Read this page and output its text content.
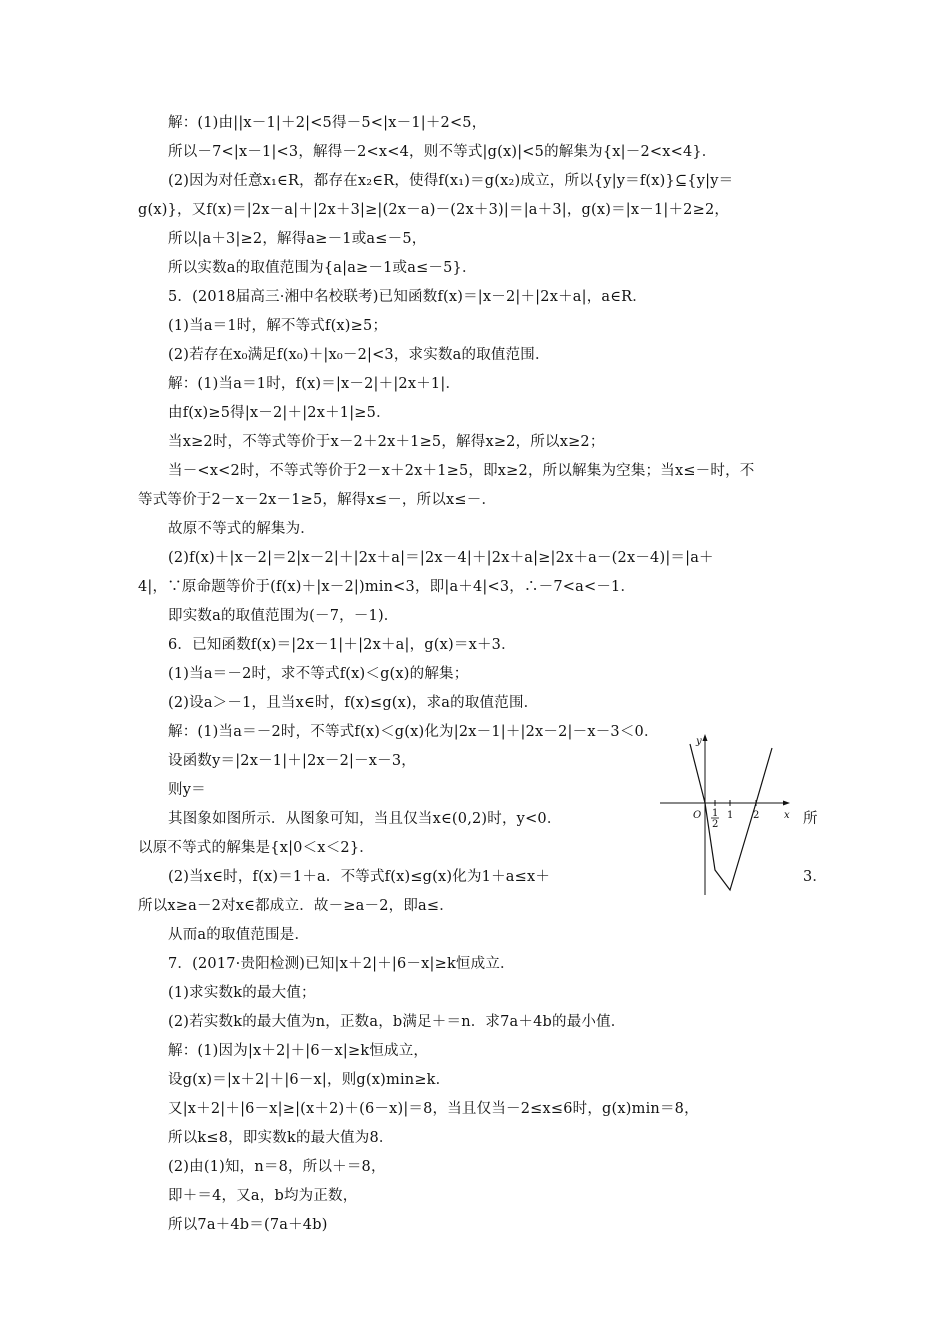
解：(1)由||x－1|＋2|<5得－5<|x－1|＋2<5，
所以－7<|x－1|<3，解得－2<x<4，则不等式|g(x)|<5的解集为{x|－2<x<4}．
(2)因为对任意x₁∈R，都存在x₂∈R，使得f(x₁)＝g(x₂)成立，所以{y|y＝f(x)}⊆{y|y＝
g(x)}，又f(x)＝|2x－a|＋|2x＋3|≥|(2x－a)－(2x＋3)|＝|a＋3|，g(x)＝|x－1|＋2≥2，
所以|a＋3|≥2，解得a≥－1或a≤－5，
所以实数a的取值范围为{a|a≥－1或a≤－5}．
5．(2018届高三·湘中名校联考)已知函数f(x)＝|x－2|＋|2x＋a|，a∈R．
(1)当a＝1时，解不等式f(x)≥5；
(2)若存在x₀满足f(x₀)＋|x₀－2|<3，求实数a的取值范围．
解：(1)当a＝1时，f(x)＝|x－2|＋|2x＋1|．
由f(x)≥5得|x－2|＋|2x＋1|≥5．
当x≥2时，不等式等价于x－2＋2x＋1≥5，解得x≥2，所以x≥2；
当－<x<2时，不等式等价于2－x＋2x＋1≥5，即x≥2，所以解集为空集；当x≤－时，不
等式等价于2－x－2x－1≥5，解得x≤－，所以x≤－．
故原不等式的解集为．
(2)f(x)＋|x－2|＝2|x－2|＋|2x＋a|＝|2x－4|＋|2x＋a|≥|2x＋a－(2x－4)|＝|a＋
4|，∵原命题等价于(f(x)＋|x－2|)min<3，即|a＋4|<3，∴－7<a<－1．
即实数a的取值范围为(－7，－1)．
6．已知函数f(x)＝|2x－1|＋|2x＋a|，g(x)＝x＋3．
(1)当a＝－2时，求不等式f(x)＜g(x)的解集；
(2)设a＞－1，且当x∈时，f(x)≤g(x)，求a的取值范围．
解：(1)当a＝－2时，不等式f(x)＜g(x)化为|2x－1|＋|2x－2|－x－3＜0．
设函数y＝|2x－1|＋|2x－2|－x－3，
则y＝
其图象如图所示．从图象可知，当且仅当x∈(0,2)时，y<0．	所
以原不等式的解集是{x|0＜x＜2}．
(2)当x∈时，f(x)＝1＋a．不等式f(x)≤g(x)化为1＋a≤x＋	3．
所以x≥a－2对x∈都成立．故－≥a－2，即a≤．
从而a的取值范围是．
7．(2017·贵阳检测)已知|x＋2|＋|6－x|≥k恒成立．
(1)求实数k的最大值；
(2)若实数k的最大值为n，正数a，b满足＋＝n．求7a＋4b的最小值．
解：(1)因为|x＋2|＋|6－x|≥k恒成立，
设g(x)＝|x＋2|＋|6－x|，则g(x)min≥k．
又|x＋2|＋|6－x|≥|(x＋2)＋(6－x)|＝8，当且仅当－2≤x≤6时，g(x)min＝8，
所以k≤8，即实数k的最大值为8．
(2)由(1)知，n＝8，所以＋＝8，
即＋＝4，又a，b均为正数，
所以7a＋4b＝(7a＋4b)
y
x
O 1
2
1 2
